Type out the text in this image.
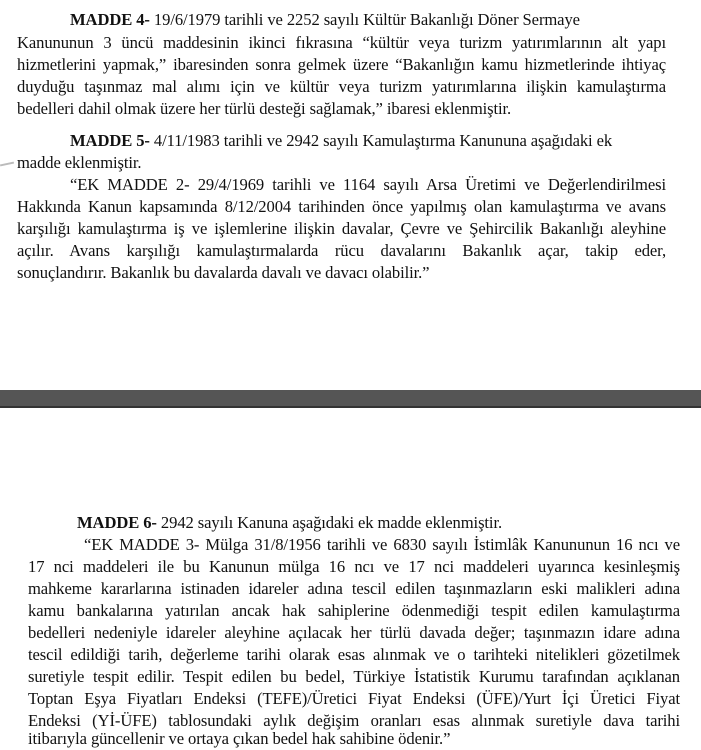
MADDE 4- 19/6/1979 tarihli ve 2252 sayılı Kültür Bakanlığı Döner Sermaye
Kanununun 3 üncü maddesinin ikinci fıkrasına “kültür veya turizm yatırımlarının alt yapı
hizmetlerini yapmak,” ibaresinden sonra gelmek üzere “Bakanlığın kamu hizmetlerinde ihtiyaç
duyduğu taşınmaz mal alımı için ve kültür veya turizm yatırımlarına ilişkin kamulaştırma
bedelleri dahil olmak üzere her türlü desteği sağlamak,” ibaresi eklenmiştir.
MADDE 5- 4/11/1983 tarihli ve 2942 sayılı Kamulaştırma Kanununa aşağıdaki ek
madde eklenmiştir.
“EK MADDE 2- 29/4/1969 tarihli ve 1164 sayılı Arsa Üretimi ve Değerlendirilmesi
Hakkında Kanun kapsamında 8/12/2004 tarihinden önce yapılmış olan kamulaştırma ve avans
karşılığı kamulaştırma iş ve işlemlerine ilişkin davalar, Çevre ve Şehircilik Bakanlığı aleyhine
açılır. Avans karşılığı kamulaştırmalarda rücu davalarını Bakanlık açar, takip eder,
sonuçlandırır. Bakanlık bu davalarda davalı ve davacı olabilir.”
MADDE 6- 2942 sayılı Kanuna aşağıdaki ek madde eklenmiştir.
“EK MADDE 3- Mülga 31/8/1956 tarihli ve 6830 sayılı İstimlâk Kanununun 16 ncı ve
17 nci maddeleri ile bu Kanunun mülga 16 ncı ve 17 nci maddeleri uyarınca kesinleşmiş
mahkeme kararlarına istinaden idareler adına tescil edilen taşınmazların eski malikleri adına
kamu bankalarına yatırılan ancak hak sahiplerine ödenmediği tespit edilen kamulaştırma
bedelleri nedeniyle idareler aleyhine açılacak her türlü davada değer; taşınmazın idare adına
tescil edildiği tarih, değerleme tarihi olarak esas alınmak ve o tarihteki nitelikleri gözetilmek
suretiyle tespit edilir. Tespit edilen bu bedel, Türkiye İstatistik Kurumu tarafından açıklanan
Toptan Eşya Fiyatları Endeksi (TEFE)/Üretici Fiyat Endeksi (ÜFE)/Yurt İçi Üretici Fiyat
Endeksi (Yİ-ÜFE) tablosundaki aylık değişim oranları esas alınmak suretiyle dava tarihi
itibarıyla güncellenir ve ortaya çıkan bedel hak sahibine ödenir.”
